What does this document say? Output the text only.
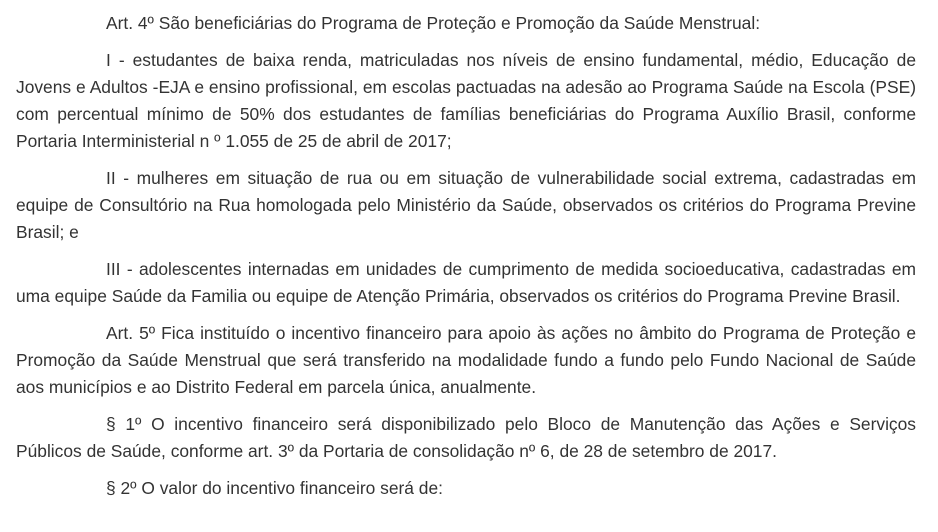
Art. 4º São beneficiárias do Programa de Proteção e Promoção da Saúde Menstrual:

I - estudantes de baixa renda, matriculadas nos níveis de ensino fundamental, médio, Educação de Jovens e Adultos -EJA e ensino profissional, em escolas pactuadas na adesão ao Programa Saúde na Escola (PSE) com percentual mínimo de 50% dos estudantes de famílias beneficiárias do Programa Auxílio Brasil, conforme Portaria Interministerial n º 1.055 de 25 de abril de 2017;

II - mulheres em situação de rua ou em situação de vulnerabilidade social extrema, cadastradas em equipe de Consultório na Rua homologada pelo Ministério da Saúde, observados os critérios do Programa Previne Brasil; e

III - adolescentes internadas em unidades de cumprimento de medida socioeducativa, cadastradas em uma equipe Saúde da Familia ou equipe de Atenção Primária, observados os critérios do Programa Previne Brasil.

Art. 5º Fica instituído o incentivo financeiro para apoio às ações no âmbito do Programa de Proteção e Promoção da Saúde Menstrual que será transferido na modalidade fundo a fundo pelo Fundo Nacional de Saúde aos municípios e ao Distrito Federal em parcela única, anualmente.

§ 1º O incentivo financeiro será disponibilizado pelo Bloco de Manutenção das Ações e Serviços Públicos de Saúde, conforme art. 3º da Portaria de consolidação nº 6, de 28 de setembro de 2017.

§ 2º O valor do incentivo financeiro será de:
